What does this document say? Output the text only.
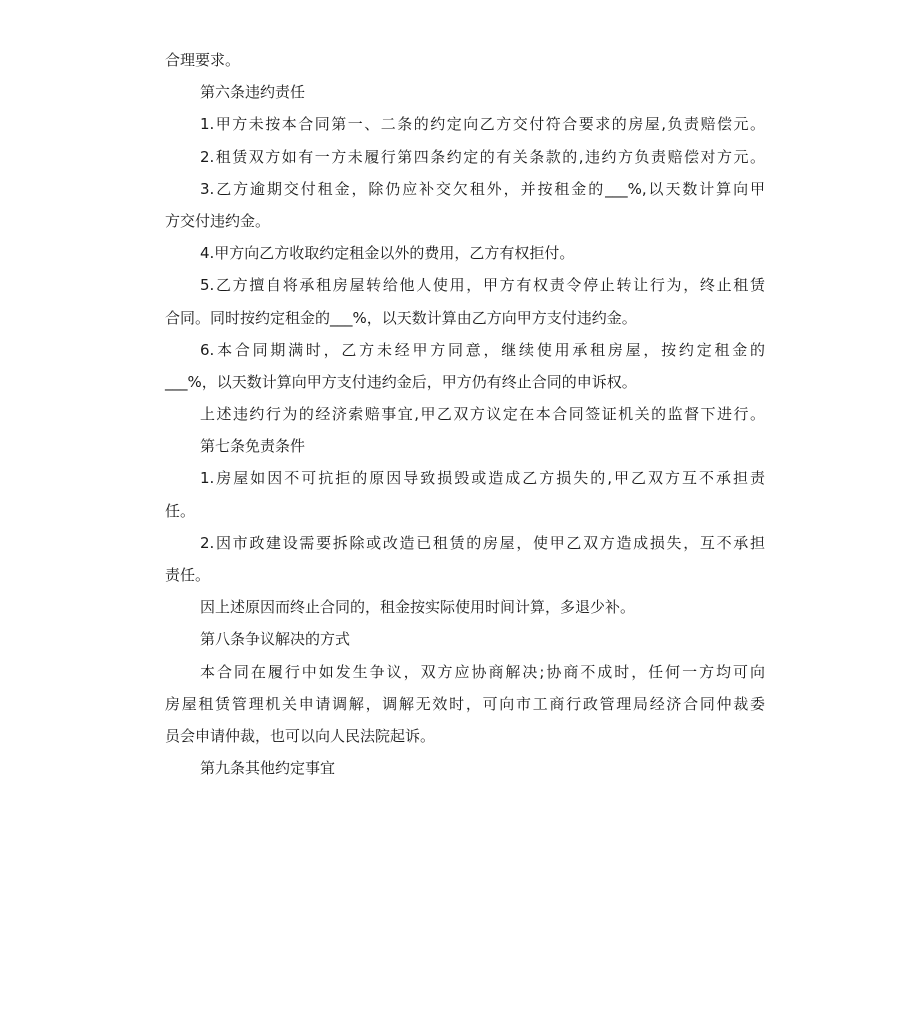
合理要求。
第六条违约责任
1.甲方未按本合同第一、二条的约定向乙方交付符合要求的房屋,负责赔偿元。
2.租赁双方如有一方未履行第四条约定的有关条款的,违约方负责赔偿对方元。
3.乙方逾期交付租金，除仍应补交欠租外，并按租金的___%,以天数计算向甲
方交付违约金。
4.甲方向乙方收取约定租金以外的费用，乙方有权拒付。
5.乙方擅自将承租房屋转给他人使用，甲方有权责令停止转让行为，终止租赁
合同。同时按约定租金的___%，以天数计算由乙方向甲方支付违约金。
6.本合同期满时，乙方未经甲方同意，继续使用承租房屋，按约定租金的
___%，以天数计算向甲方支付违约金后，甲方仍有终止合同的申诉权。
上述违约行为的经济索赔事宜,甲乙双方议定在本合同签证机关的监督下进行。
第七条免责条件
1.房屋如因不可抗拒的原因导致损毁或造成乙方损失的,甲乙双方互不承担责
任。
2.因市政建设需要拆除或改造已租赁的房屋，使甲乙双方造成损失，互不承担
责任。
因上述原因而终止合同的，租金按实际使用时间计算，多退少补。
第八条争议解决的方式
本合同在履行中如发生争议，双方应协商解决;协商不成时，任何一方均可向
房屋租赁管理机关申请调解，调解无效时，可向市工商行政管理局经济合同仲裁委
员会申请仲裁，也可以向人民法院起诉。
第九条其他约定事宜
